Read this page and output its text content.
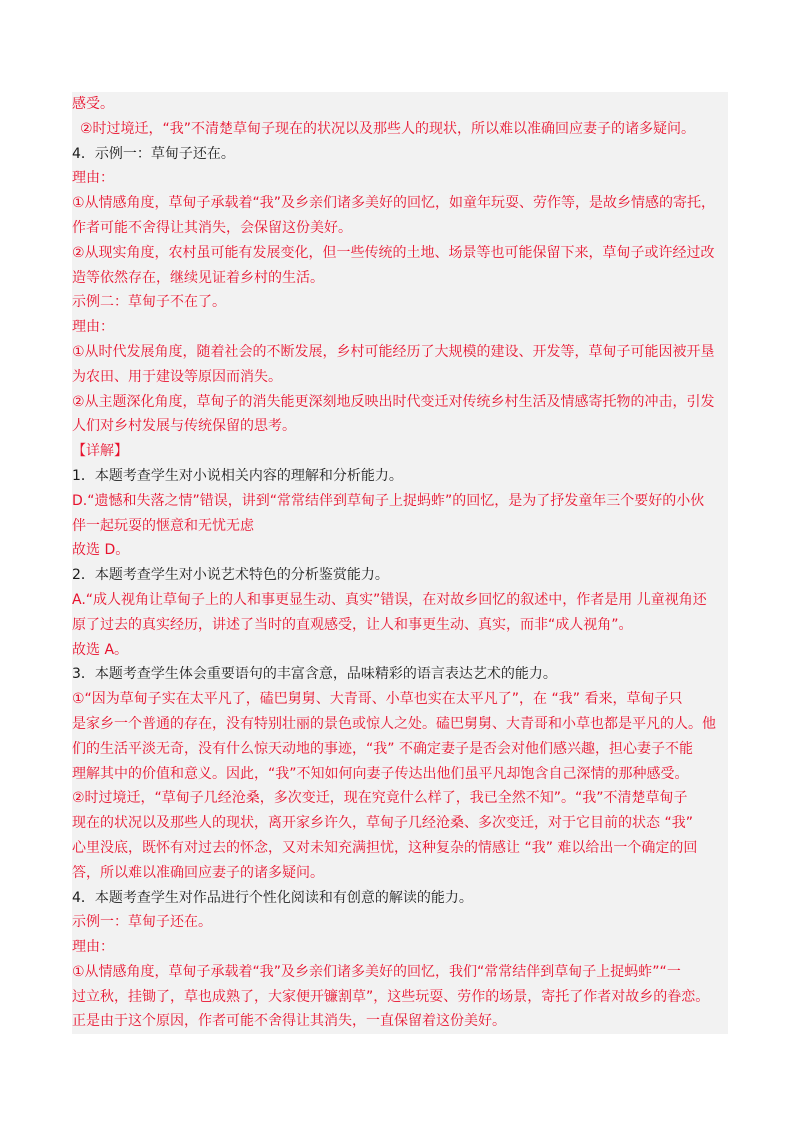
感受。
②时过境迁，“我”不清楚草甸子现在的状况以及那些人的现状，所以难以准确回应妻子的诸多疑问。
4．示例一：草甸子还在。
理由：
①从情感角度，草甸子承载着“我”及乡亲们诸多美好的回忆，如童年玩耍、劳作等，是故乡情感的寄托，
作者可能不舍得让其消失，会保留这份美好。
②从现实角度，农村虽可能有发展变化，但一些传统的土地、场景等也可能保留下来，草甸子或许经过改
造等依然存在，继续见证着乡村的生活。
示例二：草甸子不在了。
理由：
①从时代发展角度，随着社会的不断发展，乡村可能经历了大规模的建设、开发等，草甸子可能因被开垦
为农田、用于建设等原因而消失。
②从主题深化角度，草甸子的消失能更深刻地反映出时代变迁对传统乡村生活及情感寄托物的冲击，引发
人们对乡村发展与传统保留的思考。
【详解】
1．本题考查学生对小说相关内容的理解和分析能力。
D.“遗憾和失落之情”错误，讲到“常常结伴到草甸子上捉蚂蚱”的回忆，是为了抒发童年三个要好的小伙
伴一起玩耍的惬意和无忧无虑
故选 D。
2．本题考查学生对小说艺术特色的分析鉴赏能力。
A.“成人视角让草甸子上的人和事更显生动、真实”错误，在对故乡回忆的叙述中，作者是用 儿童视角还
原了过去的真实经历，讲述了当时的直观感受，让人和事更生动、真实，而非“成人视角”。
故选 A。
3．本题考查学生体会重要语句的丰富含意，品味精彩的语言表达艺术的能力。
①“因为草甸子实在太平凡了，磕巴舅舅、大青哥、小草也实在太平凡了”，在 “我” 看来，草甸子只
是家乡一个普通的存在，没有特别壮丽的景色或惊人之处。磕巴舅舅、大青哥和小草也都是平凡的人。他
们的生活平淡无奇，没有什么惊天动地的事迹，“我” 不确定妻子是否会对他们感兴趣，担心妻子不能
理解其中的价值和意义。因此，“我”不知如何向妻子传达出他们虽平凡却饱含自己深情的那种感受。
②时过境迁，“草甸子几经沧桑，多次变迁，现在究竟什么样了，我已全然不知”。“我”不清楚草甸子
现在的状况以及那些人的现状，离开家乡许久，草甸子几经沧桑、多次变迁，对于它目前的状态 “我”
心里没底，既怀有对过去的怀念，又对未知充满担忧，这种复杂的情感让 “我” 难以给出一个确定的回
答，所以难以准确回应妻子的诸多疑问。
4．本题考查学生对作品进行个性化阅读和有创意的解读的能力。
示例一：草甸子还在。
理由：
①从情感角度，草甸子承载着“我”及乡亲们诸多美好的回忆，我们“常常结伴到草甸子上捉蚂蚱”“一
过立秋，挂锄了，草也成熟了，大家便开镰割草”，这些玩耍、劳作的场景，寄托了作者对故乡的眷恋。
正是由于这个原因，作者可能不舍得让其消失，一直保留着这份美好。
